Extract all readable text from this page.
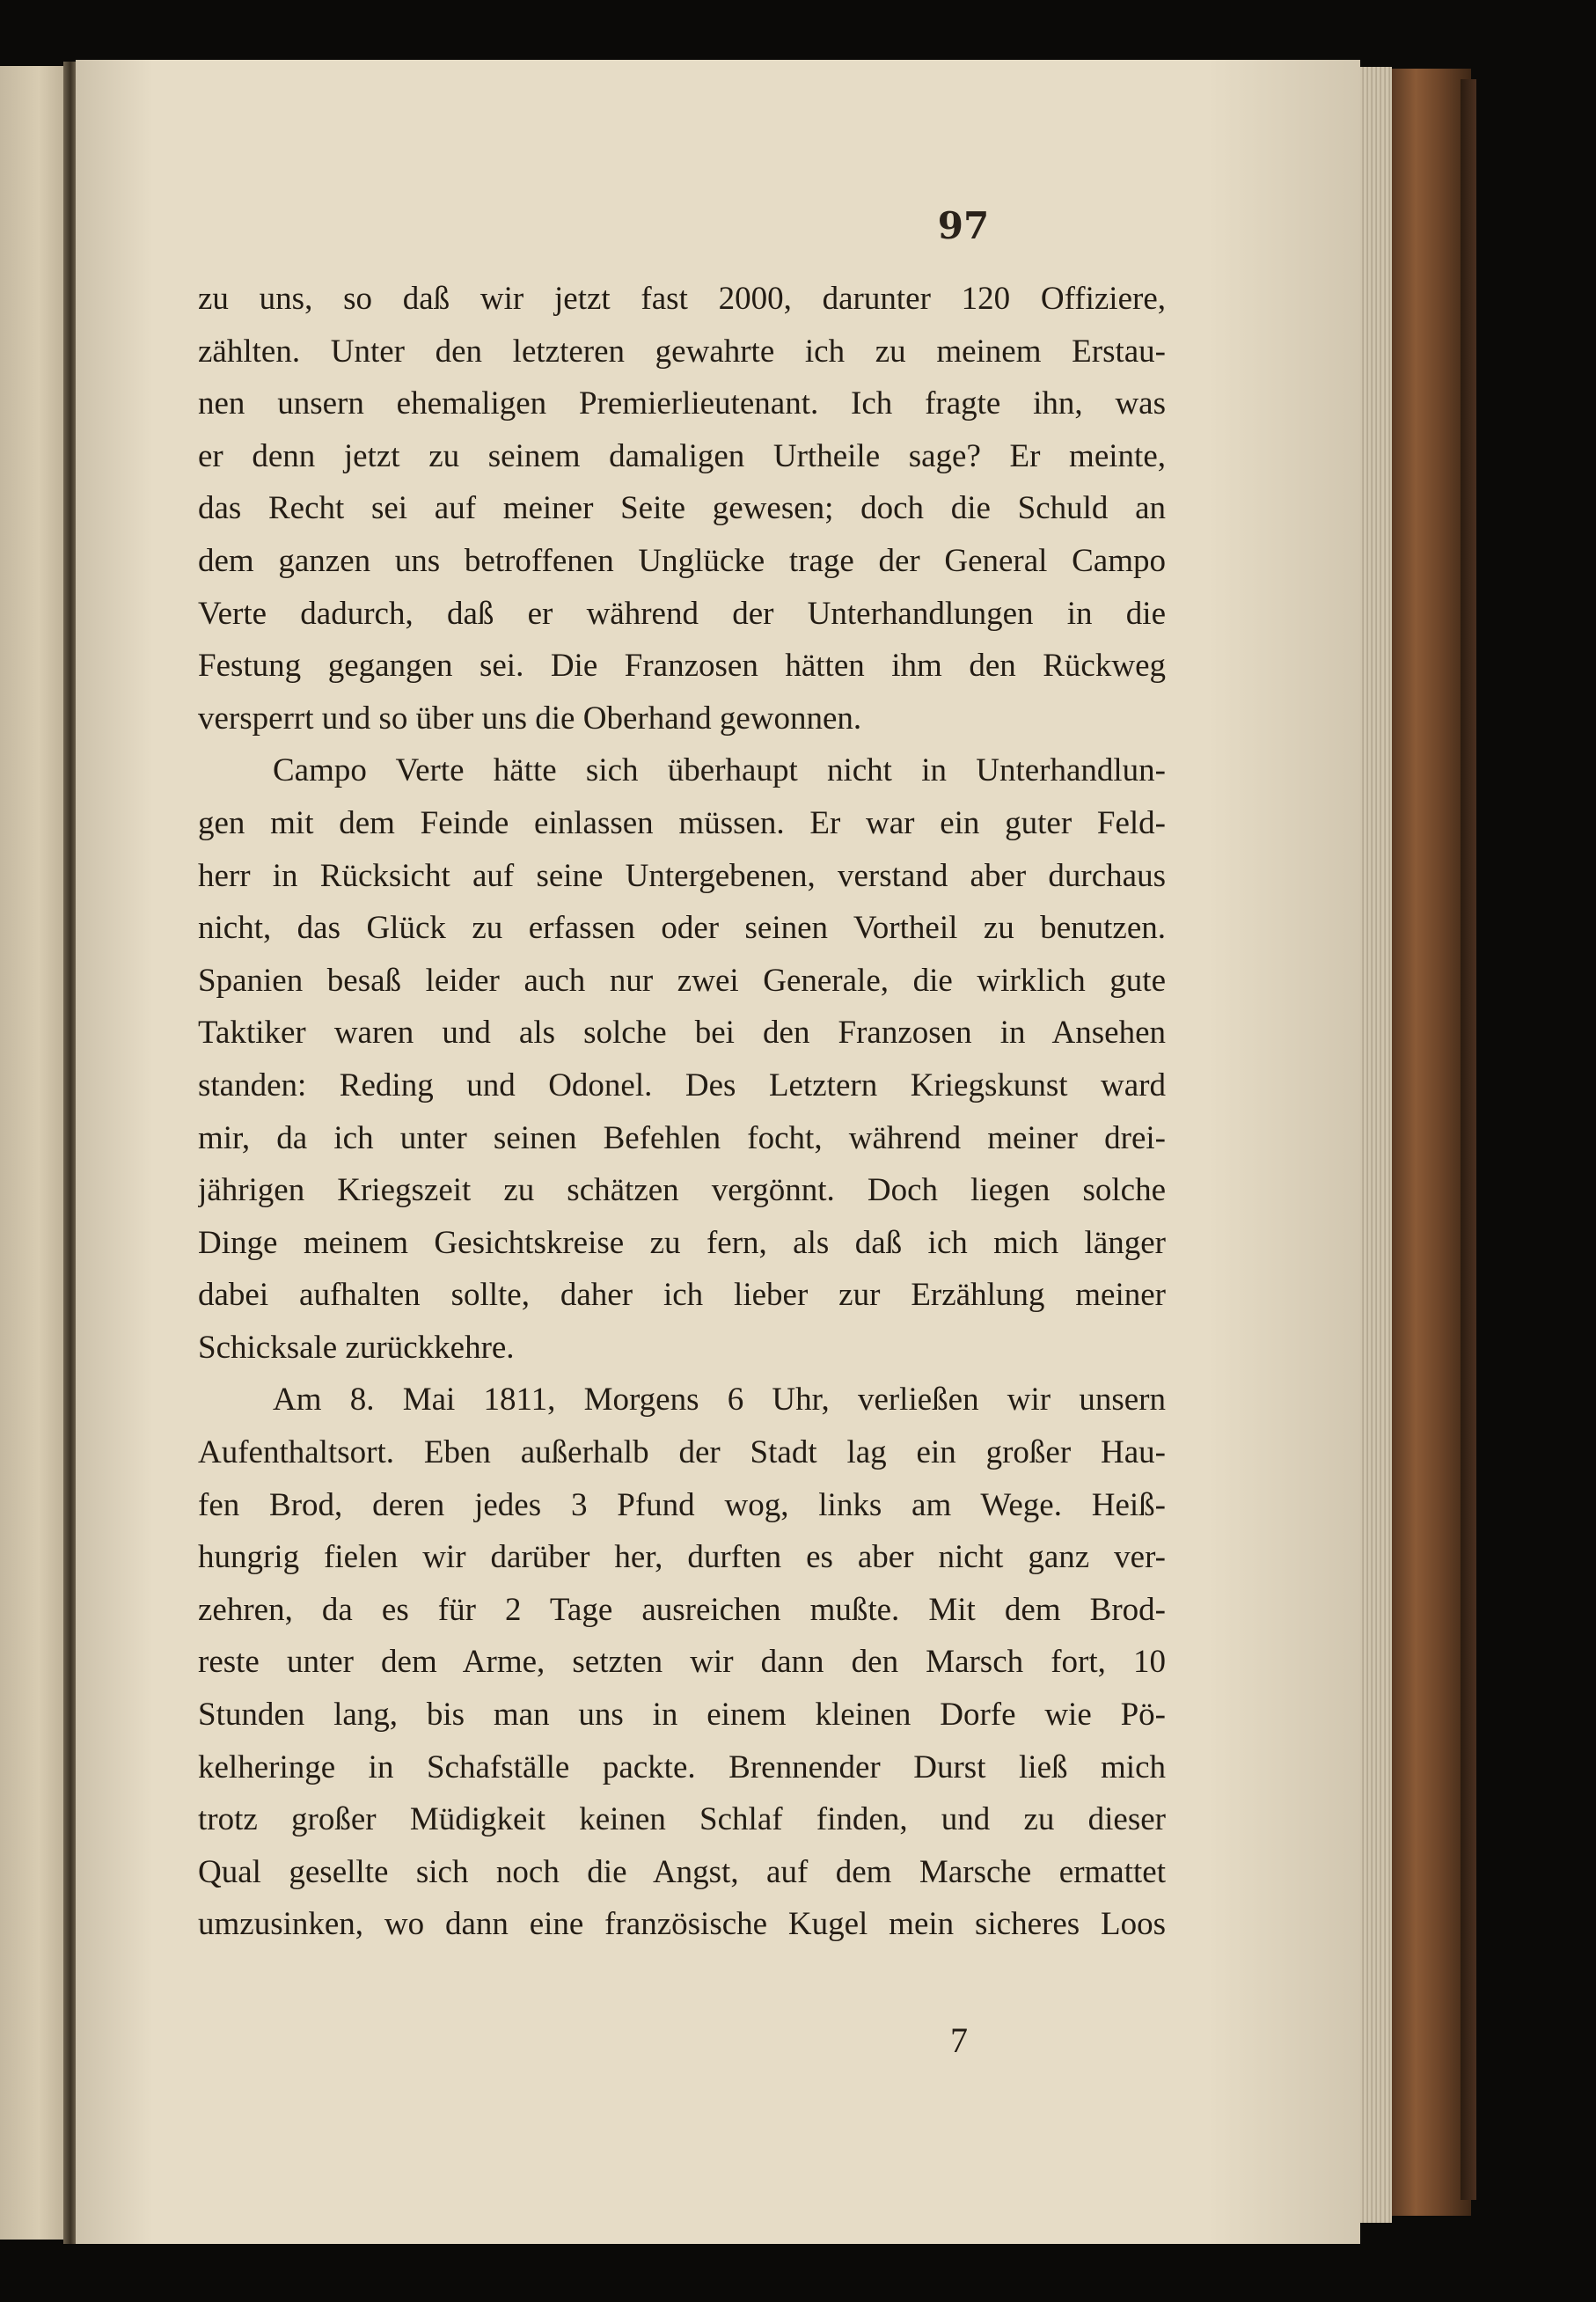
97
zu uns, so daß wir jetzt fast 2000, darunter 120 Offiziere,
zählten. Unter den letzteren gewahrte ich zu meinem Erstau-
nen unsern ehemaligen Premierlieutenant. Ich fragte ihn, was
er denn jetzt zu seinem damaligen Urtheile sage? Er meinte,
das Recht sei auf meiner Seite gewesen; doch die Schuld an
dem ganzen uns betroffenen Unglücke trage der General Campo
Verte dadurch, daß er während der Unterhandlungen in die
Festung gegangen sei. Die Franzosen hätten ihm den Rückweg
versperrt und so über uns die Oberhand gewonnen.
Campo Verte hätte sich überhaupt nicht in Unterhandlun-
gen mit dem Feinde einlassen müssen. Er war ein guter Feld-
herr in Rücksicht auf seine Untergebenen, verstand aber durchaus
nicht, das Glück zu erfassen oder seinen Vortheil zu benutzen.
Spanien besaß leider auch nur zwei Generale, die wirklich gute
Taktiker waren und als solche bei den Franzosen in Ansehen
standen: Reding und Odonel. Des Letztern Kriegskunst ward
mir, da ich unter seinen Befehlen focht, während meiner drei-
jährigen Kriegszeit zu schätzen vergönnt. Doch liegen solche
Dinge meinem Gesichtskreise zu fern, als daß ich mich länger
dabei aufhalten sollte, daher ich lieber zur Erzählung meiner
Schicksale zurückkehre.
Am 8. Mai 1811, Morgens 6 Uhr, verließen wir unsern
Aufenthaltsort. Eben außerhalb der Stadt lag ein großer Hau-
fen Brod, deren jedes 3 Pfund wog, links am Wege. Heiß-
hungrig fielen wir darüber her, durften es aber nicht ganz ver-
zehren, da es für 2 Tage ausreichen mußte. Mit dem Brod-
reste unter dem Arme, setzten wir dann den Marsch fort, 10
Stunden lang, bis man uns in einem kleinen Dorfe wie Pö-
kelheringe in Schafställe packte. Brennender Durst ließ mich
trotz großer Müdigkeit keinen Schlaf finden, und zu dieser
Qual gesellte sich noch die Angst, auf dem Marsche ermattet
umzusinken, wo dann eine französische Kugel mein sicheres Loos
7
